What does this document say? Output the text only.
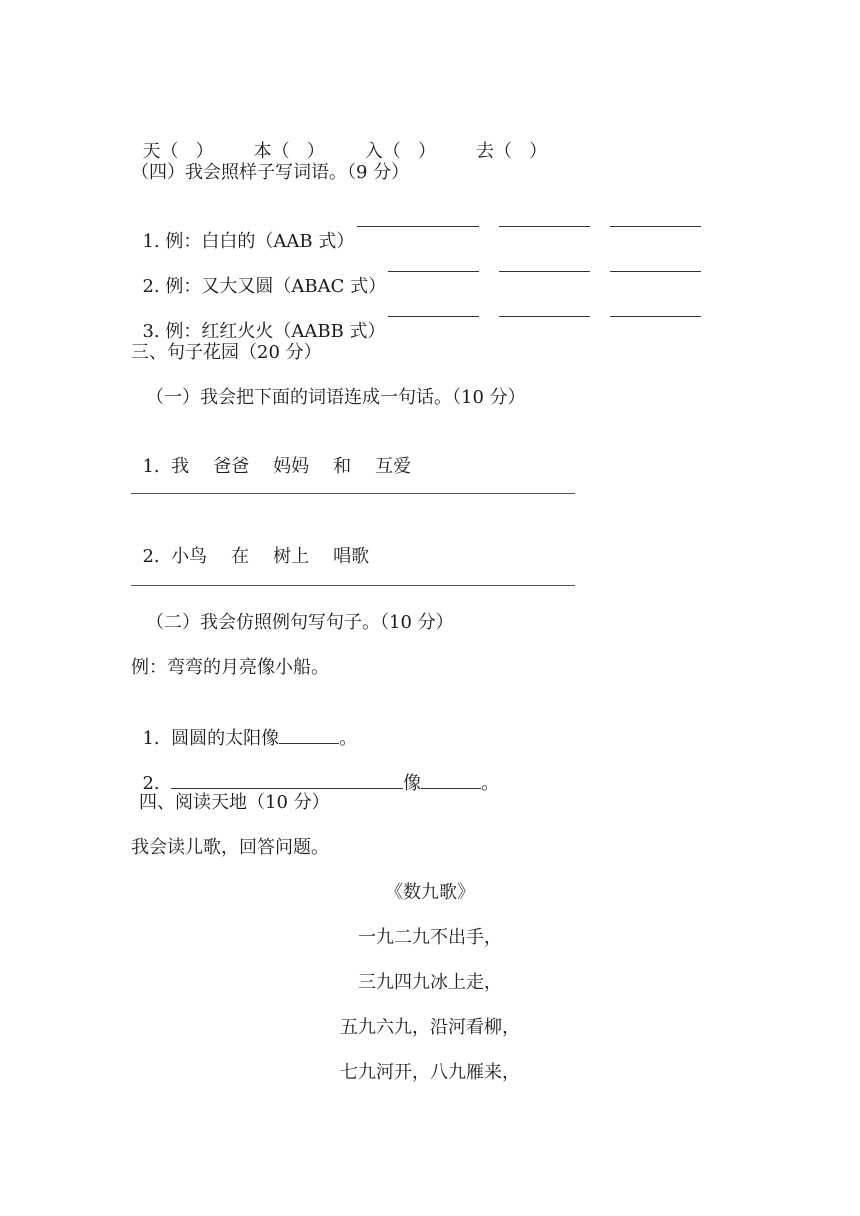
天（   ） 本（   ） 入（   ） 去（   ）

（四）我会照样子写词语。（9 分）

1. 例：白白的（AAB 式）

2. 例：又大又圆（ABAC 式）

3. 例：红红火火（AABB 式）

三、句子花园（20 分）
（一）我会把下面的词语连成一句话。（10 分）

1. 我 爸爸 妈妈 和 互爱

2. 小鸟 在 树上 唱歌

（二）我会仿照例句写句子。（10 分）
例：弯弯的月亮像小船。

1. 圆圆的太阳像	。

2.	像	。

四、阅读天地（10 分）
我会读儿歌，回答问题。
《数九歌》
一九二九不出手，
三九四九冰上走，
五九六九，沿河看柳，
七九河开，八九雁来，
